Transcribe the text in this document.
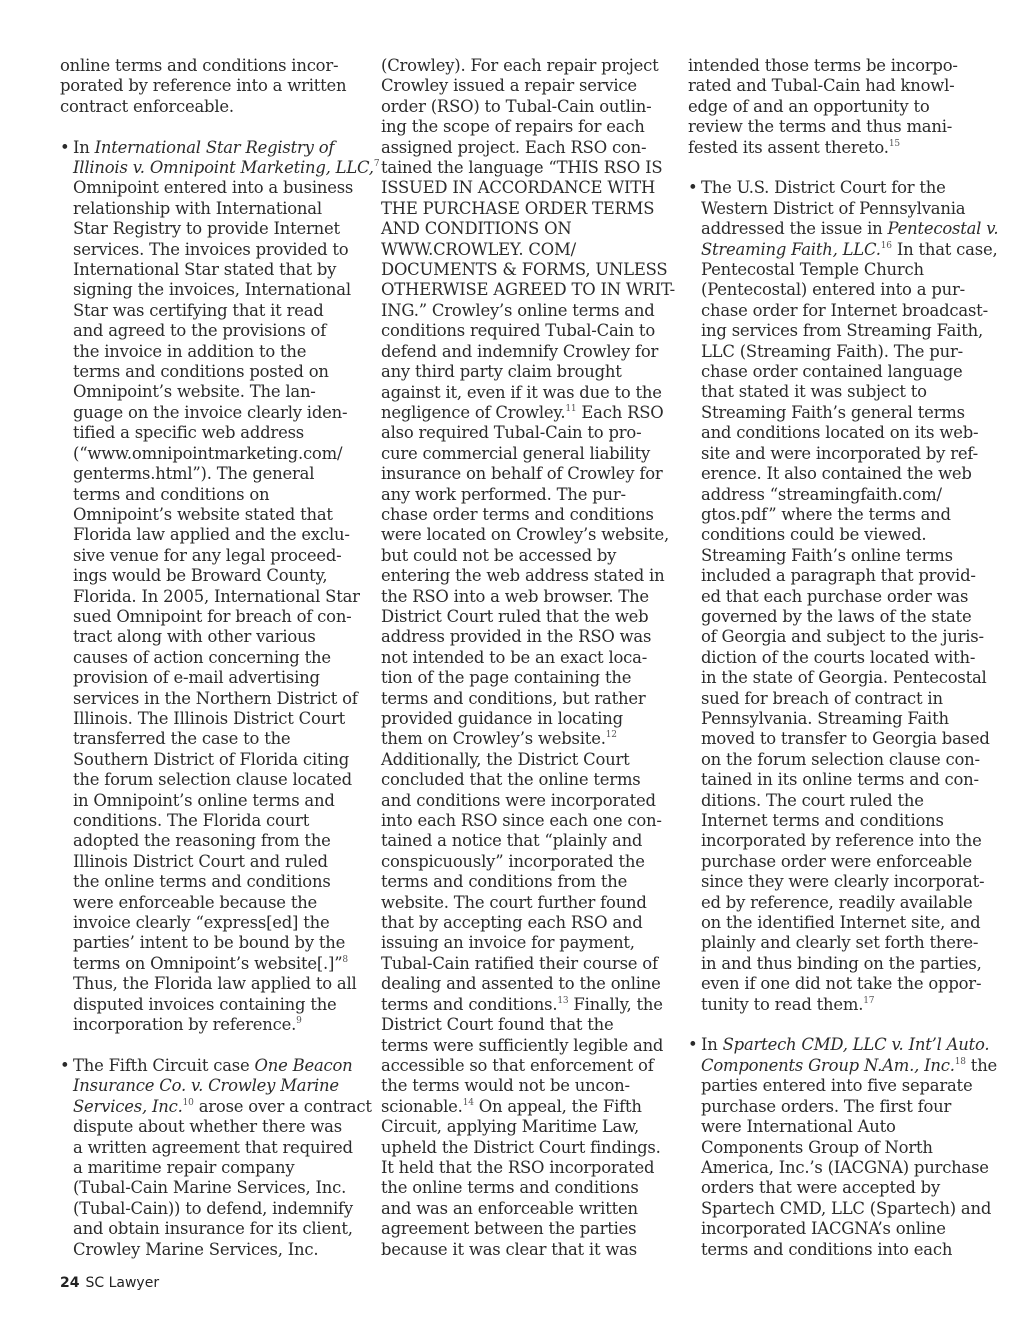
online terms and conditions incor-
porated by reference into a written
contract enforceable.
• In International Star Registry of
Illinois v. Omnipoint Marketing, LLC,$^7$
Omnipoint entered into a business
relationship with International
Star Registry to provide Internet
services. The invoices provided to
International Star stated that by
signing the invoices, International
Star was certifying that it read
and agreed to the provisions of
the invoice in addition to the
terms and conditions posted on
Omnipoint’s website. The lan-
guage on the invoice clearly iden-
tified a specific web address
(“www.omnipointmarketing.com/
genterms.html”). The general
terms and conditions on
Omnipoint’s website stated that
Florida law applied and the exclu-
sive venue for any legal proceed-
ings would be Broward County,
Florida. In 2005, International Star
sued Omnipoint for breach of con-
tract along with other various
causes of action concerning the
provision of e-mail advertising
services in the Northern District of
Illinois. The Illinois District Court
transferred the case to the
Southern District of Florida citing
the forum selection clause located
in Omnipoint’s online terms and
conditions. The Florida court
adopted the reasoning from the
Illinois District Court and ruled
the online terms and conditions
were enforceable because the
invoice clearly “express[ed] the
parties’ intent to be bound by the
terms on Omnipoint’s website[.]”$^8$
Thus, the Florida law applied to all
disputed invoices containing the
incorporation by reference.$^9$
• The Fifth Circuit case One Beacon
Insurance Co. v. Crowley Marine
Services, Inc.$^{10}$ arose over a contract
dispute about whether there was
a written agreement that required
a maritime repair company
(Tubal-Cain Marine Services, Inc.
(Tubal-Cain)) to defend, indemnify
and obtain insurance for its client,
Crowley Marine Services, Inc.
(Crowley). For each repair project
Crowley issued a repair service
order (RSO) to Tubal-Cain outlin-
ing the scope of repairs for each
assigned project. Each RSO con-
tained the language “THIS RSO IS
ISSUED IN ACCORDANCE WITH
THE PURCHASE ORDER TERMS
AND CONDITIONS ON
WWW.CROWLEY. COM/
DOCUMENTS & FORMS, UNLESS
OTHERWISE AGREED TO IN WRIT-
ING.” Crowley’s online terms and
conditions required Tubal-Cain to
defend and indemnify Crowley for
any third party claim brought
against it, even if it was due to the
negligence of Crowley.$^{11}$ Each RSO
also required Tubal-Cain to pro-
cure commercial general liability
insurance on behalf of Crowley for
any work performed. The pur-
chase order terms and conditions
were located on Crowley’s website,
but could not be accessed by
entering the web address stated in
the RSO into a web browser. The
District Court ruled that the web
address provided in the RSO was
not intended to be an exact loca-
tion of the page containing the
terms and conditions, but rather
provided guidance in locating
them on Crowley’s website.$^{12}$
Additionally, the District Court
concluded that the online terms
and conditions were incorporated
into each RSO since each one con-
tained a notice that “plainly and
conspicuously” incorporated the
terms and conditions from the
website. The court further found
that by accepting each RSO and
issuing an invoice for payment,
Tubal-Cain ratified their course of
dealing and assented to the online
terms and conditions.$^{13}$ Finally, the
District Court found that the
terms were sufficiently legible and
accessible so that enforcement of
the terms would not be uncon-
scionable.$^{14}$ On appeal, the Fifth
Circuit, applying Maritime Law,
upheld the District Court findings.
It held that the RSO incorporated
the online terms and conditions
and was an enforceable written
agreement between the parties
because it was clear that it was
intended those terms be incorpo-
rated and Tubal-Cain had knowl-
edge of and an opportunity to
review the terms and thus mani-
fested its assent thereto.$^{15}$
• The U.S. District Court for the
Western District of Pennsylvania
addressed the issue in Pentecostal v.
Streaming Faith, LLC.$^{16}$ In that case,
Pentecostal Temple Church
(Pentecostal) entered into a pur-
chase order for Internet broadcast-
ing services from Streaming Faith,
LLC (Streaming Faith). The pur-
chase order contained language
that stated it was subject to
Streaming Faith’s general terms
and conditions located on its web-
site and were incorporated by ref-
erence. It also contained the web
address “streamingfaith.com/
gtos.pdf” where the terms and
conditions could be viewed.
Streaming Faith’s online terms
included a paragraph that provid-
ed that each purchase order was
governed by the laws of the state
of Georgia and subject to the juris-
diction of the courts located with-
in the state of Georgia. Pentecostal
sued for breach of contract in
Pennsylvania. Streaming Faith
moved to transfer to Georgia based
on the forum selection clause con-
tained in its online terms and con-
ditions. The court ruled the
Internet terms and conditions
incorporated by reference into the
purchase order were enforceable
since they were clearly incorporat-
ed by reference, readily available
on the identified Internet site, and
plainly and clearly set forth there-
in and thus binding on the parties,
even if one did not take the oppor-
tunity to read them.$^{17}$
• In Spartech CMD, LLC v. Int’l Auto.
Components Group N.Am., Inc.$^{18}$ the
parties entered into five separate
purchase orders. The first four
were International Auto
Components Group of North
America, Inc.’s (IACGNA) purchase
orders that were accepted by
Spartech CMD, LLC (Spartech) and
incorporated IACGNA’s online
terms and conditions into each
24 SC Lawyer
